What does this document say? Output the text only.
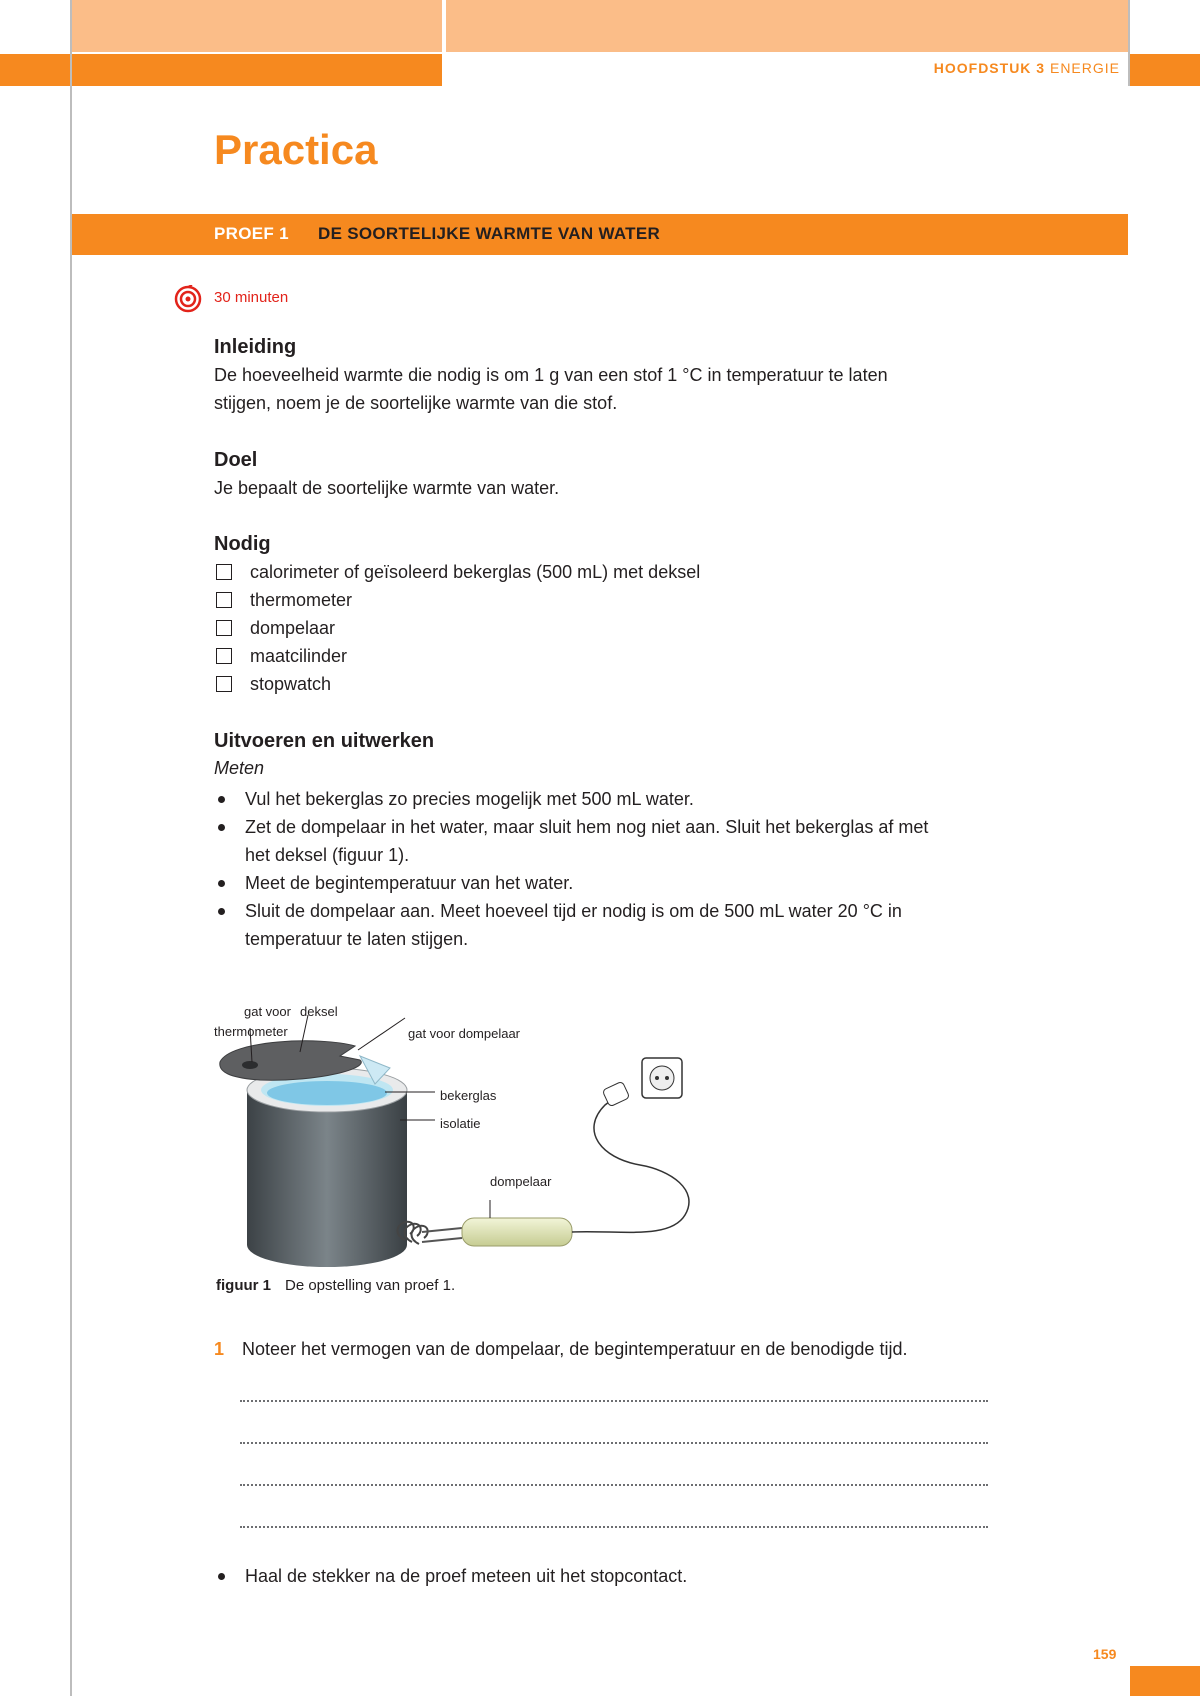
HOOFDSTUK 3 ENERGIE
Practica
PROEF 1 DE SOORTELIJKE WARMTE VAN WATER
30 minuten
Inleiding
De hoeveelheid warmte die nodig is om 1 g van een stof 1 °C in temperatuur te laten
stijgen, noem je de soortelijke warmte van die stof.
Doel
Je bepaalt de soortelijke warmte van water.
Nodig
calorimeter of geïsoleerd bekerglas (500 mL) met deksel
thermometer
dompelaar
maatcilinder
stopwatch
Uitvoeren en uitwerken
Meten
Vul het bekerglas zo precies mogelijk met 500 mL water.
Zet de dompelaar in het water, maar sluit hem nog niet aan. Sluit het bekerglas af met
het deksel (figuur 1).
Meet de begintemperatuur van het water.
Sluit de dompelaar aan. Meet hoeveel tijd er nodig is om de 500 mL water 20 °C in
temperatuur te laten stijgen.
gat voor
thermometer
deksel
gat voor dompelaar
bekerglas
isolatie
dompelaar
figuur 1 De opstelling van proef 1.
1 Noteer het vermogen van de dompelaar, de begintemperatuur en de benodigde tijd.
Haal de stekker na de proef meteen uit het stopcontact.
159
